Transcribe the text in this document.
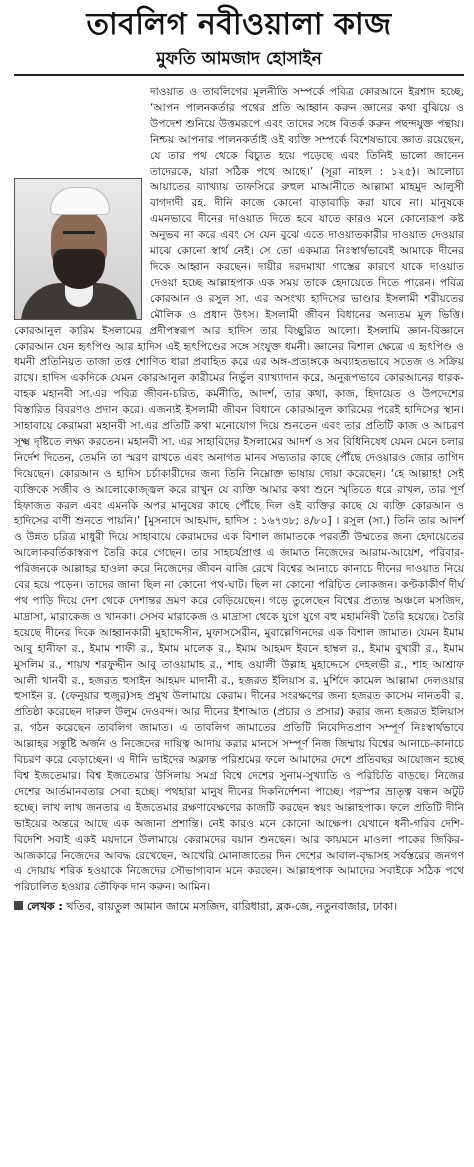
তাবলিগ নবীওয়ালা কাজ
মুফতি আমজাদ হোসাইন

দাওয়াত ও তাবলিগের মূলনীতি সম্পর্কে পবিত্র কোরআনে ইরশাদ হচ্ছে, ‘আপন পালনকর্তার পথের প্রতি আহ্বান করুন জ্ঞানের কথা বুঝিয়ে ও উপদেশ শুনিয়ে উত্তমরূপে এবং তাদের সঙ্গে বিতর্ক করুন পছন্দযুক্ত পন্থায়। নিশ্চয় আপনার পালনকর্তাই ওই ব্যক্তি সম্পর্কে বিশেষভাবে জ্ঞাত রয়েছেন, যে তার পথ থেকে বিচ্যুত হয়ে পড়েছে এবং তিনিই ভালো জানেন তাদেরকে, যারা সঠিক পথে আছে।’ (সূরা নাহল : ১২৫)। আলোচ্য আয়াতের ব্যাখ্যায় তাফসিরে রুহুল মাআনীতে আল্লামা মাহমুদ আলুসী বাগদাদী রহ. দীনি কাজে কোনো বাড়াবাড়ি করা যাবে না। মানুষকে এমনভাবে দীনের দাওয়াত দিতে হবে যাতে কারও মনে কোনোরূপ কষ্ট অনুভব না করে এবং সে যেন বুঝে এতে দাওয়াতকারীর দাওয়াত দেওয়ার মাঝে কোনো স্বার্থ নেই। সে তো একমাত্র নিঃস্বার্থভাবেই আমাকে দীনের দিকে আহ্বান করছেন। দায়ীর দরদমাখা গাস্তের কারণে যাকে দাওয়াত দেওয়া হচ্ছে আল্লাহপাক এক সময় তাকে হেদায়েতে দিতে পারেন। পবিত্র কোরআন ও রসুল সা. এর অসংখ্য হাদিসের ভাণ্ডার ইসলামী শরীয়তের মৌলিক ও প্রধান উৎস। ইসলামী জীবন বিধানের অন্যতম মূল ভিত্তি। কোরআনুল কারিম ইসলামের প্রদীপস্বরূপ আর হাদিস তার বিচ্ছুরিত আলো। ইসলামি জ্ঞান-বিজ্ঞানে কোরআন যেন হৃৎপিণ্ড আর হাদিস এই হৃৎপিণ্ডের সঙ্গে সংযুক্ত ধমনী। জ্ঞানের বিশাল ক্ষেত্রে এ হৃৎপিণ্ড ও ধমনী প্রতিনিয়ত তাজা তপ্ত শোণিত ধারা প্রবাহিত করে এর অঙ্গ-প্রত্যঙ্গকে অব্যাহতভাবে সতেজ ও সক্রিয় রাখে। হাদিস একদিকে যেমন কোরআনুল কারীমের নির্ভুল ব্যাখ্যাদান করে, অনুরূপভাবে কোরআনের ধারক-বাহক মহানবী সা.এর পবিত্র জীবন-চরিত, কর্মনীতি, আদর্শ, তার কথা, কাজ, হিদায়েত ও উপদেশের বিস্তারিত বিবরণও প্রদান করে। এজন্যই ইসলামী জীবন বিধানে কোরআনুল কারিমের পরেই হাদিসের স্থান। সাহাবায়ে কেরামরা মহানবী সা.এর প্রতিটি কথা মনোযোগ দিয়ে শুনতেন এবং তার প্রতিটি কাজ ও আচরণ সূক্ষ্ম দৃষ্টিতে লক্ষ্য করতেন। মহানবী সা. এর সাহাবিদের ইসলামের আদর্শ ও সব বিধিনিষেধ যেমন মেনে চলার নির্দেশ দিতেন, তেমনি তা স্মরণ রাখতে এবং অনাগত মানব সভ্যতার কাছে পৌঁছে দেওয়ারও জোর তাগিদ দিয়েছেন। কোরআন ও হাদিস চর্চাকারীদের জন্য তিনি নিম্নোক্ত ভাষায় দোয়া করেছেন। ‘হে আল্লাহ! সেই ব্যক্তিকে সজীব ও আলোকোজ্জ্বল করে রাখুন যে ব্যক্তি আমার কথা শুনে স্মৃতিতে ধরে রাখল, তার পূর্ণ হিফাজত করল এবং এমনকি অপর মানুষের কাছে পৌঁছে দিল ওই ব্যক্তির কাছে যে ব্যক্তি কোরআন ও হাদিসের বাণী শুনতে পায়নি।’ [মুসনাদে আহমাদ, হাদিস : ১৬৭৩৮; ৪/৮০] । রসুল (সা.) তিনি তার আদর্শ ও উন্নত চরিত্র মাধুরী দিয়ে সাহাবায়ে কেরামদের এক বিশাল জামাতকে পরবর্তী উম্মতের জন্য হেদায়েতের আলোকবর্তিকাস্বরূপ তৈরি করে গেছেন। তার সাহচর্যপ্রাপ্ত এ জামাত নিজেদের আরাম-আয়েশ, পরিবার-পরিজনকে আল্লাহর হাওলা করে নিজেদের জীবন বাজি রেখে বিশ্বের আনাচে কানাচে দীনের দাওয়াত নিয়ে বের হয়ে পড়েন। তাদের জানা ছিল না কোনো পথ-ঘাট। ছিল না কোনো পরিচিত লোকজন। কণ্টকাকীর্ণ দীর্ঘ পথ পাড়ি দিয়ে দেশ থেকে দেশান্তর ভ্রমণ করে বেড়িয়েছেন। গড়ে তুলেছেন বিশ্বের প্রত্যন্ত অঞ্চলে মসজিদ, মাদ্রাসা, মারাকেজ ও খানকা। সেসব মারাকেজ ও মাদ্রাসা থেকে যুগে যুগে বহু মহামনিষী তৈরি হয়েছে। তৈরি হয়েছে দীনের দিকে আহ্বানকারী মুহাদ্দেসীন, মুফাসসেরীন, মুবাল্লেগিনদের এক বিশাল জামাত। যেমন ইমাম আবু হানীফা র., ইমাম শাফী র., ইমাম মালেক র., ইমাম আহমদ ইবনে হাম্বল র., ইমাম বুখারী র., ইমাম মুসলিম র., শায়খ শরফুদ্দীন আবু তাওয়ামাহ র., শাহ ওয়ালী উল্লাহ মুহাদ্দেসে দেহলভী র., শাহ আশ্রাফ আলী থানবী র., হজরত হুসাইন আহমদ মাদানী র., হজরত ইলিয়াস র. মুর্শিদে কামেল আল্লামা দেলওয়ার হুসাইন র. (ফেনুয়ার হুজুর)সহ প্রমুখ উলামায়ে কেরাম। দীনের সংরক্ষণের জন্য হজরত কাসেম নানতবী র. প্রতিষ্ঠা করেছেন দারুল উলুম দেওবন্দ। আর দীনের ইশাআত (প্রচার ও প্রসার) করার জন্য হজরত ইলিয়াস র. গঠন করেছেন তাবলিগ জামাত। এ তাবলিগ জামাতের প্রতিটি নিবেদিতপ্রাণ সম্পূর্ণ নিঃস্বার্থভাবে আল্লাহর সন্তুষ্টি অর্জন ও নিজেদের দায়িত্ব আদায় করার মানসে সম্পূর্ণ নিজ জিম্মায় বিশ্বের আনাচে-কানাচে বিচরণ করে বেড়াচ্ছেন। এ দীনি ভাইদের অক্লান্ত পরিশ্রমের ফলে আমাদের দেশে প্রতিবছর আয়োজন হচ্ছে বিশ্ব ইজতেমার। বিশ্ব ইজতেমার উসিলায় সমগ্র বিশ্বে দেশের সুনাম-সুখ্যাতি ও পরিচিতি বাড়ছে। নিজের দেশের আর্তমানবতার সেবা হচ্ছে। পথহারা মানুষ দীনের দিকনির্দেশনা পাচ্ছে। পরস্পর ভ্রাতৃত্ব বন্ধন অটুট হচ্ছে। লাখ লাখ জনতার এ ইজতেমার রক্ষণাবেক্ষণের কাজটি করছেন স্বয়ং আল্লাহপাক। ফলে প্রতিটি দীনি ভাইয়ের অন্তরে আছে এক অজানা প্রশান্তি। নেই কারও মনে কোনো আক্ষেপ। যেখানে ধনী-গরিব দেশি-বিদেশি সবাই একই ময়দানে উলামায়ে কেরামদের বয়ান শুনছেন। আর কায়মনে মাওলা পাকের জিকির-আজকারে নিজেদের আবদ্ধ রেখেছেন, আখেরি মোনাজাতের দিন দেশের আবাল-বৃদ্ধাসহ সর্বস্তরের জনগণ এ দোয়ায় শরিক হওয়াকে নিজেদের সৌভাগ্যবান মনে করছেন। আল্লাহপাক আমাদের সবাইকে সঠিক পথে পরিচালিত হওয়ার তৌফিক দান করুন। আমিন।

লেখক : খতিব, বায়তুল আমান জামে মসজিদ, বারিধারা, ব্লক-জে, নতুনবাজার, ঢাকা।
